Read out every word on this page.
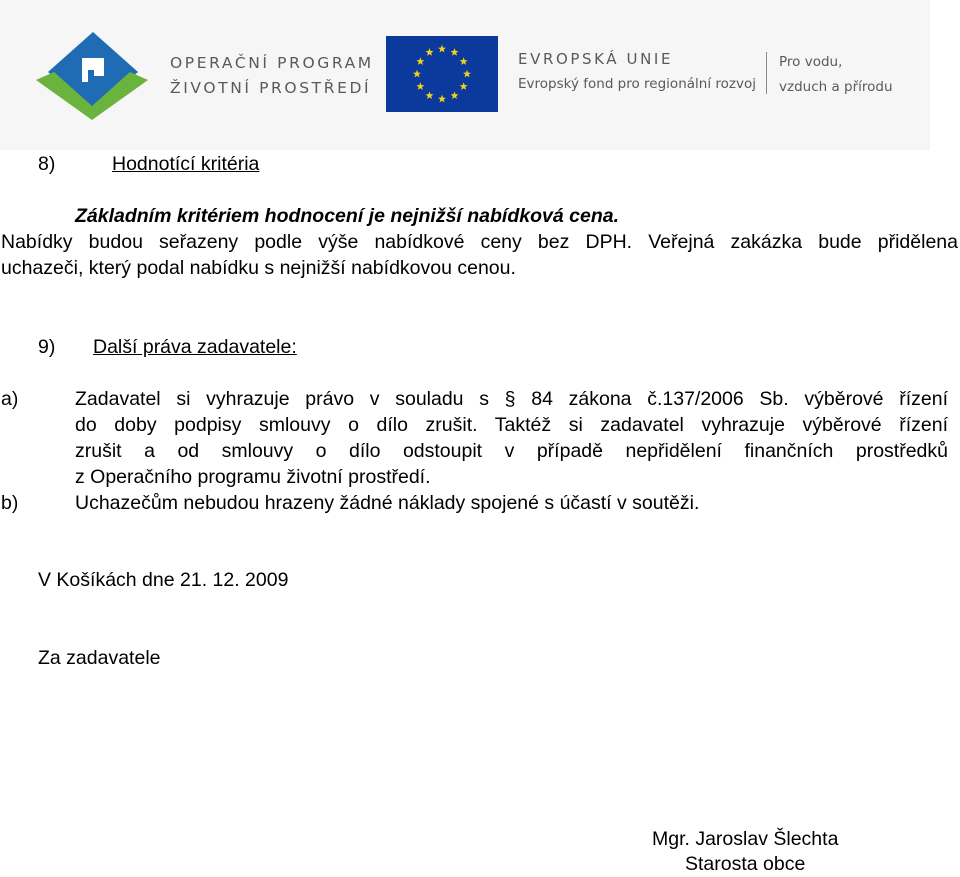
OPERAČNÍ PROGRAM
ŽIVOTNÍ PROSTŘEDÍ
EVROPSKÁ UNIE
Evropský fond pro regionální rozvoj
Pro vodu,
vzduch a přírodu
8)	Hodnotící kritéria
Základním kritériem hodnocení je nejnižší nabídková cena.
Nabídky budou seřazeny podle výše nabídkové ceny bez DPH. Veřejná zakázka bude přidělena
uchazeči, který podal nabídku s nejnižší nabídkovou cenou.
9) Další práva zadavatele:
a)	Zadavatel si vyhrazuje právo v souladu s § 84 zákona č.137/2006 Sb. výběrové řízení
do doby podpisy smlouvy o dílo zrušit. Taktéž si zadavatel vyhrazuje výběrové řízení
zrušit a od smlouvy o dílo odstoupit v případě nepřidělení finančních prostředků
z Operačního programu životní prostředí.
b)	Uchazečům nebudou hrazeny žádné náklady spojené s účastí v soutěži.
V Košíkách dne 21. 12. 2009
Za zadavatele
Mgr. Jaroslav Šlechta
Starosta obce
